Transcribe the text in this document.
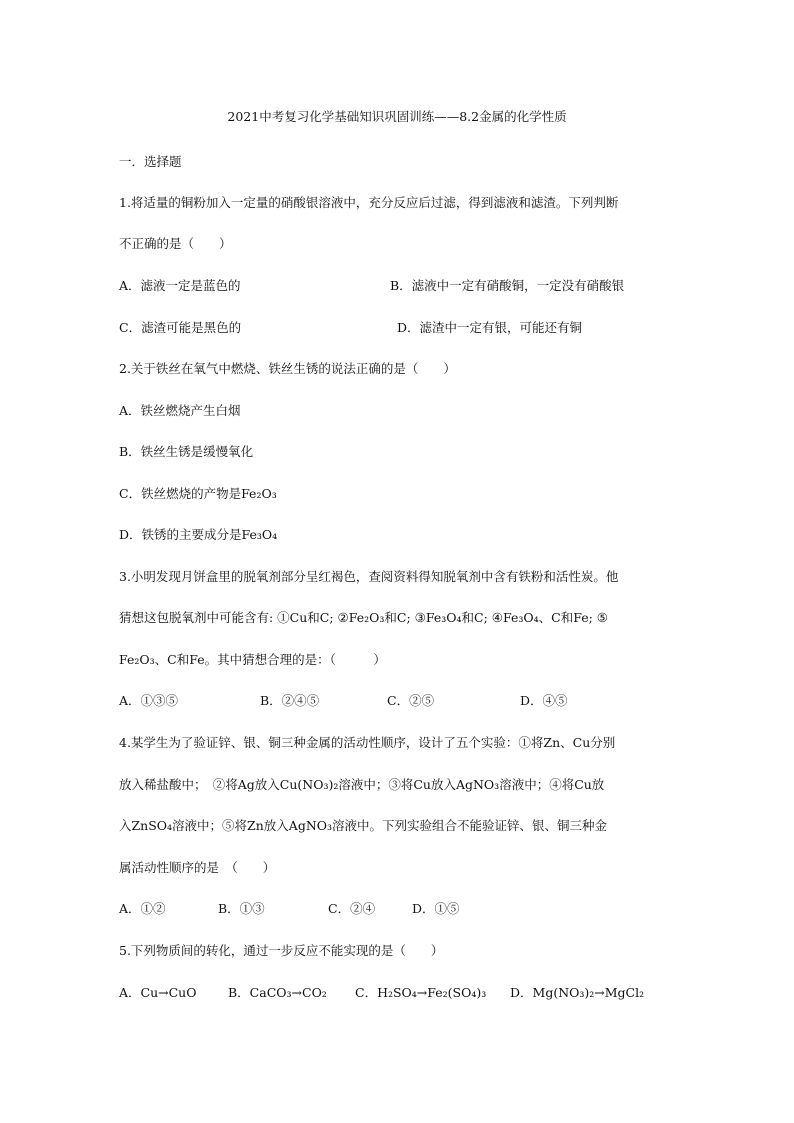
2021中考复习化学基础知识巩固训练——8.2金属的化学性质
一．选择题
1.将适量的铜粉加入一定量的硝酸银溶液中，充分反应后过滤，得到滤液和滤渣。下列判断
不正确的是（　　）
A．滤液一定是蓝色的	B．滤液中一定有硝酸铜，一定没有硝酸银
C．滤渣可能是黑色的	D．滤渣中一定有银，可能还有铜
2.关于铁丝在氧气中燃烧、铁丝生锈的说法正确的是（　　）
A．铁丝燃烧产生白烟
B．铁丝生锈是缓慢氧化
C．铁丝燃烧的产物是Fe₂O₃
D．铁锈的主要成分是Fe₃O₄
3.小明发现月饼盒里的脱氧剂部分呈红褐色，查阅资料得知脱氧剂中含有铁粉和活性炭。他
猜想这包脱氧剂中可能含有: ①Cu和C; ②Fe₂O₃和C; ③Fe₃O₄和C; ④Fe₃O₄、C和Fe; ⑤
Fe₂O₃、C和Fe。其中猜想合理的是：（　　　）
A．①③⑤	B．②④⑤	C．②⑤	D．④⑤
4.某学生为了验证锌、银、铜三种金属的活动性顺序，设计了五个实验：①将Zn、Cu分别
放入稀盐酸中；　②将Ag放入Cu(NO₃)₂溶液中；③将Cu放入AgNO₃溶液中；④将Cu放
入ZnSO₄溶液中；⑤将Zn放入AgNO₃溶液中。下列实验组合不能验证锌、银、铜三种金
属活动性顺序的是　（　　）
A．①②	B．①③	C．②④	D．①⑤
5.下列物质间的转化，通过一步反应不能实现的是（　　）
A．Cu→CuO	B．CaCO₃→CO₂ C．H₂SO₄→Fe₂(SO₄)₃ D．Mg(NO₃)₂→MgCl₂
